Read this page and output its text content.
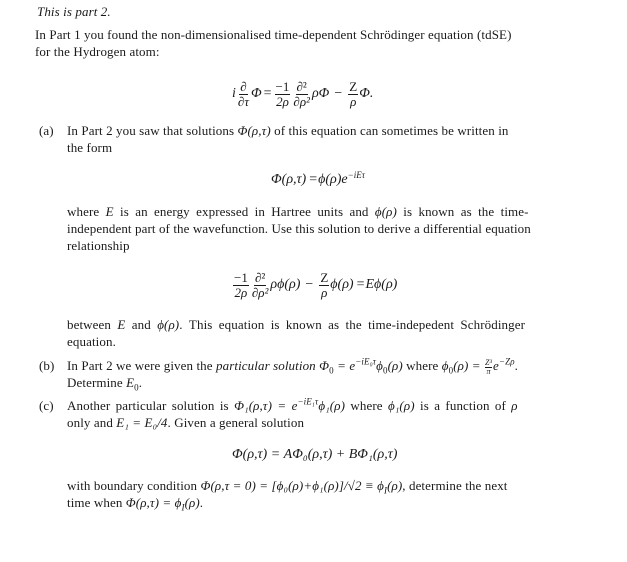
This is part 2.
In Part 1 you found the non-dimensionalised time-dependent Schrödinger equation (tdSE)
for the Hydrogen atom:
i $\frac{\partial}{\partial\tau}$ $\Phi = \frac{-1}{2\rho} \frac{\text{∂²}}{\text{∂ρ²}}$ $\rho\Phi - \frac{Z}{\rho} \Phi$.
(a) In Part 2 you saw that solutions Φ(ρ,τ) of this equation can sometimes be written in
the form
$\Phi(\rho,\tau) = \phi(\rho)e^{-iE\tau}$
where E is an energy expressed in Hartree units and ϕ(ρ) is known as the time-
independent part of the wavefunction. Use this solution to derive a differential equation
relationship
$\frac{-1}{2\rho} \frac{\text{∂²}}{\text{∂ρ²}} \rho\phi(\rho) - \frac{Z}{\rho} \phi(\rho) = E\phi(\rho)$
between E and ϕ(ρ). This equation is known as the time-indepedent Schrödinger
equation.
(b) In Part 2 we were given the particular solution $\Phi_0 = e^{-iE_0\tau}\phi_0(\rho)$ where $\phi_0(\rho) = \frac{\text{Z³}}{\pi} e^{-Z\rho}$.
Determine $E_0$.
(c) Another particular solution is $\Phi_1(\rho,\tau) = e^{-iE_1\tau}\phi_1(\rho)$ where ϕ₁(ρ) is a function of ρ
only and E₁ = E₀/4. Given a general solution
Φ(ρ,τ) = AΦ₀(ρ,τ) + BΦ₁(ρ,τ)
with boundary condition $\Phi(\rho,\tau = 0) = [\phi_0(\rho)+\phi_1(\rho)]/√2 \equiv \phi_I(\rho)$, determine the next
time when $\Phi(\rho,\tau) = \phi_I(\rho)$.
